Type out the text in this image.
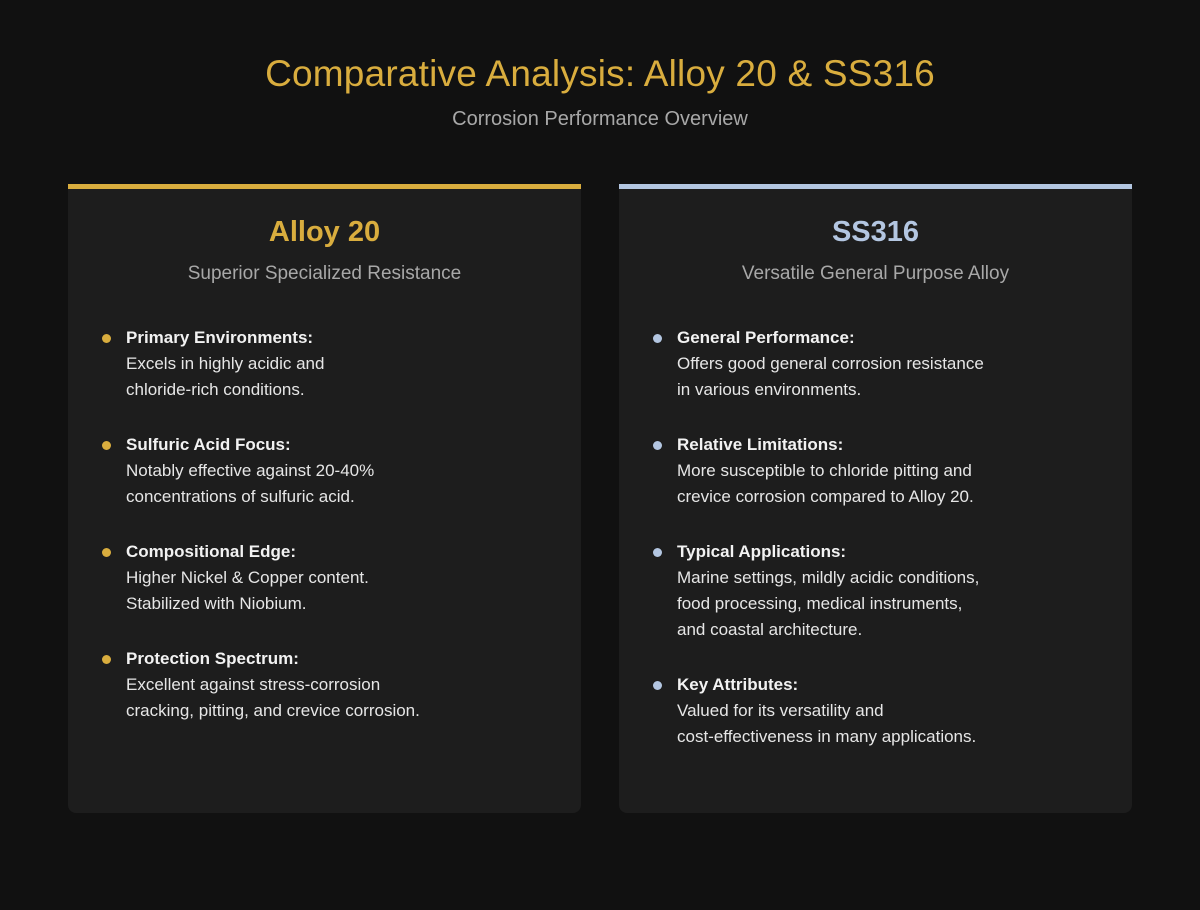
Comparative Analysis: Alloy 20 & SS316

Corrosion Performance Overview

Alloy 20

Superior Specialized Resistance

Primary Environments:
Excels in highly acidic and
chloride-rich conditions.
Sulfuric Acid Focus:
Notably effective against 20-40%
concentrations of sulfuric acid.
Compositional Edge:
Higher Nickel & Copper content.
Stabilized with Niobium.
Protection Spectrum:
Excellent against stress-corrosion
cracking, pitting, and crevice corrosion.
SS316

Versatile General Purpose Alloy

General Performance:
Offers good general corrosion resistance
in various environments.
Relative Limitations:
More susceptible to chloride pitting and
crevice corrosion compared to Alloy 20.
Typical Applications:
Marine settings, mildly acidic conditions,
food processing, medical instruments,
and coastal architecture.
Key Attributes:
Valued for its versatility and
cost-effectiveness in many applications.
